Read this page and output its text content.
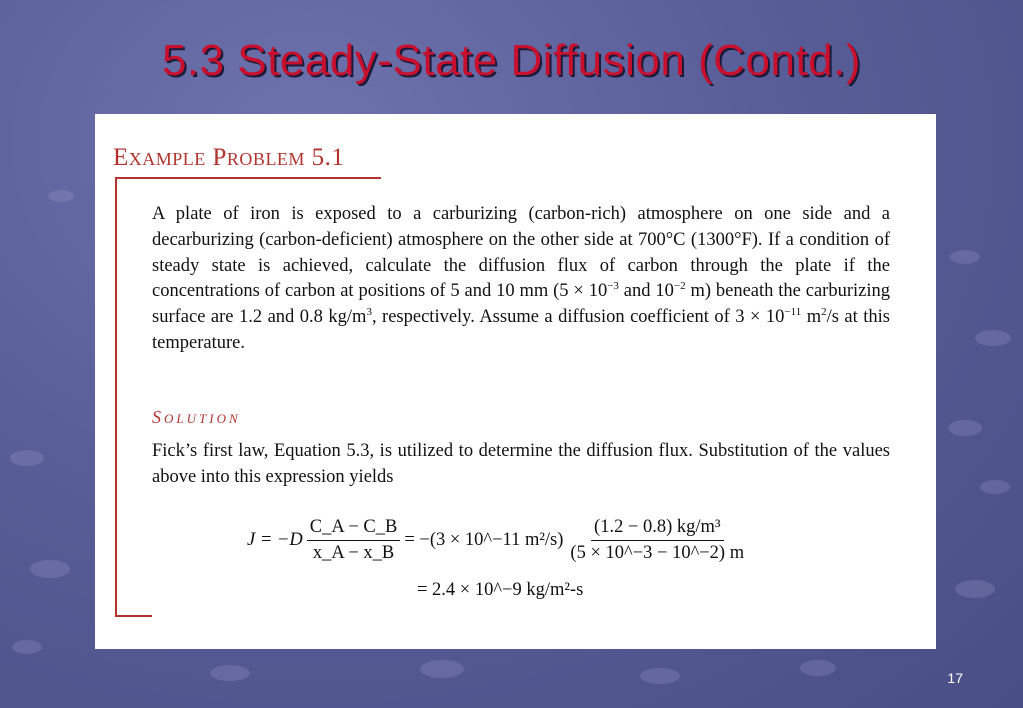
5.3 Steady-State Diffusion (Contd.)
Example Problem 5.1
A plate of iron is exposed to a carburizing (carbon-rich) atmosphere on one side and a decarburizing (carbon-deficient) atmosphere on the other side at 700°C (1300°F). If a condition of steady state is achieved, calculate the diffusion flux of carbon through the plate if the concentrations of carbon at positions of 5 and 10 mm ($5 \times 10^{-3}$ and $10^{-2}$ m) beneath the carburizing surface are 1.2 and 0.8 $kg/m^3$, respectively. Assume a diffusion coefficient of $3 \times 10^{-11}$ $m^2/s$ at this temperature.
Solution
Fick’s first law, Equation 5.3, is utilized to determine the diffusion flux. Substitution of the values above into this expression yields
$J = -D \frac{C\_A - C\_B}{x\_A - x\_B} = -(3$ × 10^−11 $m^2/s) \frac{\text{(1.2 − 0.8) kg/m³}}{(5 \times 10\^{}-3 - 10\^{}-2) m}$
= 2.4 × 10^−9 kg/m²-s
17
